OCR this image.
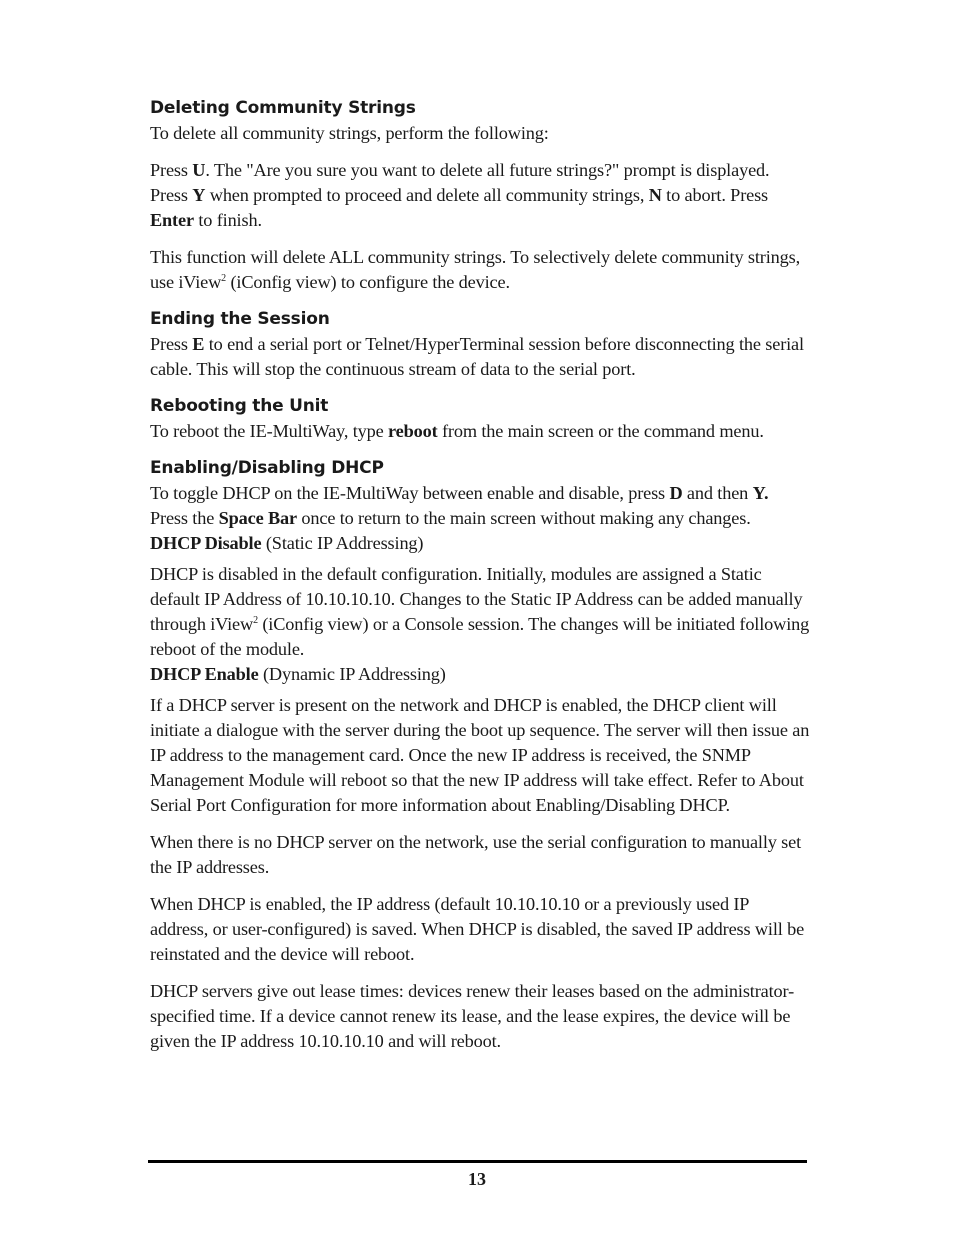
Deleting Community Strings

To delete all community strings, perform the following:

Press U. The "Are you sure you want to delete all future strings?" prompt is displayed. Press Y when prompted to proceed and delete all community strings, N to abort. Press Enter to finish.

This function will delete ALL community strings. To selectively delete community strings, use iView$^2$ (iConfig view) to configure the device.

Ending the Session

Press E to end a serial port or Telnet/HyperTerminal session before disconnecting the serial cable. This will stop the continuous stream of data to the serial port.

Rebooting the Unit

To reboot the IE-MultiWay, type reboot from the main screen or the command menu.

Enabling/Disabling DHCP

To toggle DHCP on the IE-MultiWay between enable and disable, press D and then Y. Press the Space Bar once to return to the main screen without making any changes.

DHCP Disable (Static IP Addressing)

DHCP is disabled in the default configuration. Initially, modules are assigned a Static default IP Address of 10.10.10.10. Changes to the Static IP Address can be added manually through iView$^2$ (iConfig view) or a Console session. The changes will be initiated following reboot of the module.

DHCP Enable (Dynamic IP Addressing)

If a DHCP server is present on the network and DHCP is enabled, the DHCP client will initiate a dialogue with the server during the boot up sequence. The server will then issue an IP address to the management card. Once the new IP address is received, the SNMP Management Module will reboot so that the new IP address will take effect. Refer to About Serial Port Configuration for more information about Enabling/Disabling DHCP.

When there is no DHCP server on the network, use the serial configuration to manually set the IP addresses.

When DHCP is enabled, the IP address (default 10.10.10.10 or a previously used IP address, or user-configured) is saved. When DHCP is disabled, the saved IP address will be reinstated and the device will reboot.

DHCP servers give out lease times: devices renew their leases based on the administrator-specified time. If a device cannot renew its lease, and the lease expires, the device will be given the IP address 10.10.10.10 and will reboot.

13
